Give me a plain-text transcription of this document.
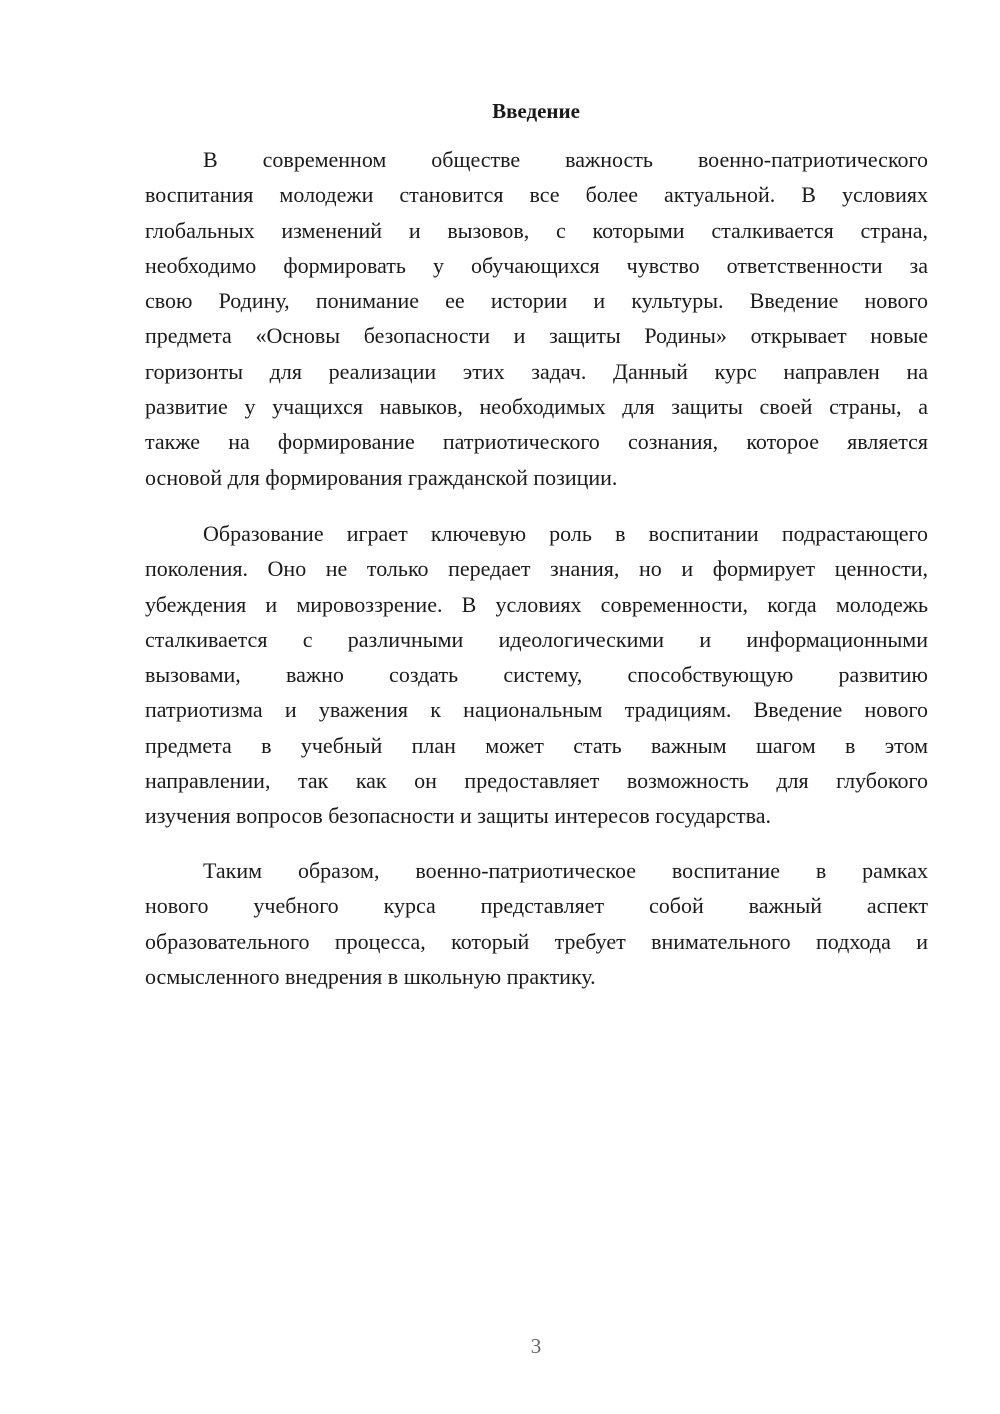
Введение
В современном обществе важность военно-патриотического
воспитания молодежи становится все более актуальной. В условиях
глобальных изменений и вызовов, с которыми сталкивается страна,
необходимо формировать у обучающихся чувство ответственности за
свою Родину, понимание ее истории и культуры. Введение нового
предмета «Основы безопасности и защиты Родины» открывает новые
горизонты для реализации этих задач. Данный курс направлен на
развитие у учащихся навыков, необходимых для защиты своей страны, а
также на формирование патриотического сознания, которое является
основой для формирования гражданской позиции.
Образование играет ключевую роль в воспитании подрастающего
поколения. Оно не только передает знания, но и формирует ценности,
убеждения и мировоззрение. В условиях современности, когда молодежь
сталкивается с различными идеологическими и информационными
вызовами, важно создать систему, способствующую развитию
патриотизма и уважения к национальным традициям. Введение нового
предмета в учебный план может стать важным шагом в этом
направлении, так как он предоставляет возможность для глубокого
изучения вопросов безопасности и защиты интересов государства.
Таким образом, военно-патриотическое воспитание в рамках
нового учебного курса представляет собой важный аспект
образовательного процесса, который требует внимательного подхода и
осмысленного внедрения в школьную практику.
3
